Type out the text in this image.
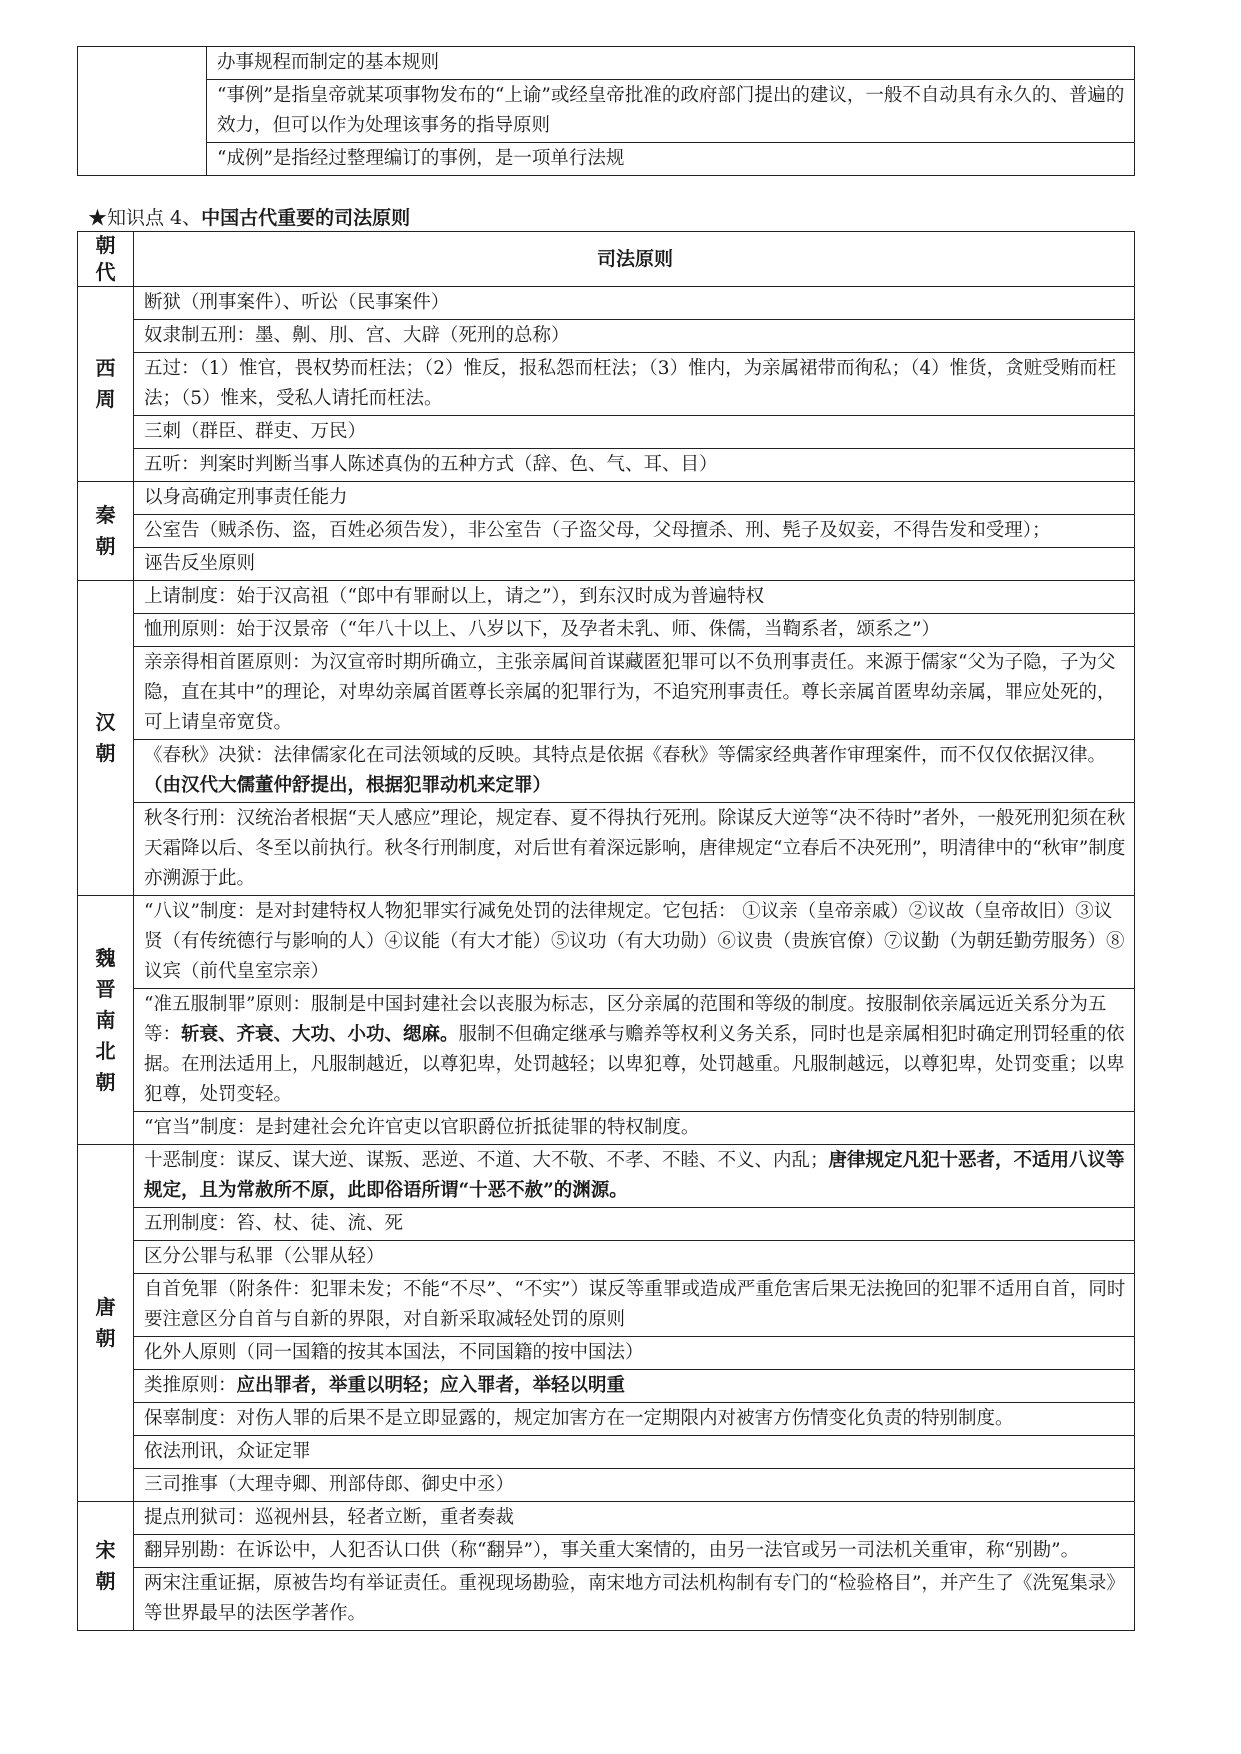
	办事规程而制定的基本规则
“事例”是指皇帝就某项事物发布的“上谕”或经皇帝批准的政府部门提出的建议，一般不自动具有永久的、普遍的效力，但可以作为处理该事务的指导原则
“成例”是指经过整理编订的事例，是一项单行法规
★知识点 4、中国古代重要的司法原则
朝代	司法原则

西周	断狱（刑事案件）、听讼（民事案件）
	奴隶制五刑：墨、劓、刖、宫、大辟（死刑的总称）
	五过：（1）惟官，畏权势而枉法；（2）惟反，报私怨而枉法；（3）惟内，为亲属裙带而徇私；（4）惟货，贪赃受贿而枉法；（5）惟来，受私人请托而枉法。
	三刺（群臣、群吏、万民）
	五听：判案时判断当事人陈述真伪的五种方式（辞、色、气、耳、目）

秦朝	以身高确定刑事责任能力
	公室告（贼杀伤、盗，百姓必须告发），非公室告（子盗父母，父母擅杀、刑、髡子及奴妾，不得告发和受理）；
	诬告反坐原则

汉朝	上请制度：始于汉高祖（“郎中有罪耐以上，请之”），到东汉时成为普遍特权
	恤刑原则：始于汉景帝（“年八十以上、八岁以下，及孕者未乳、师、侏儒，当鞫系者，颂系之”）
	亲亲得相首匿原则：为汉宣帝时期所确立，主张亲属间首谋藏匿犯罪可以不负刑事责任。来源于儒家“父为子隐，子为父隐，直在其中”的理论，对卑幼亲属首匿尊长亲属的犯罪行为，不追究刑事责任。尊长亲属首匿卑幼亲属，罪应处死的，可上请皇帝宽贷。
	《春秋》决狱：法律儒家化在司法领域的反映。其特点是依据《春秋》等儒家经典著作审理案件，而不仅仅依据汉律。（由汉代大儒董仲舒提出，根据犯罪动机来定罪）
	秋冬行刑：汉统治者根据“天人感应”理论，规定春、夏不得执行死刑。除谋反大逆等“决不待时”者外，一般死刑犯须在秋天霜降以后、冬至以前执行。秋冬行刑制度，对后世有着深远影响，唐律规定“立春后不决死刑”，明清律中的“秋审”制度亦溯源于此。

魏晋南北朝	“八议”制度：是对封建特权人物犯罪实行减免处罚的法律规定。它包括： ①议亲（皇帝亲戚）②议故（皇帝故旧）③议贤（有传统德行与影响的人）④议能（有大才能）⑤议功（有大功勋）⑥议贵（贵族官僚）⑦议勤（为朝廷勤劳服务）⑧议宾（前代皇室宗亲）
	“准五服制罪”原则：服制是中国封建社会以丧服为标志，区分亲属的范围和等级的制度。按服制依亲属远近关系分为五等：斩衰、齐衰、大功、小功、缌麻。服制不但确定继承与赡养等权利义务关系，同时也是亲属相犯时确定刑罚轻重的依据。在刑法适用上，凡服制越近，以尊犯卑，处罚越轻；以卑犯尊，处罚越重。凡服制越远，以尊犯卑，处罚变重；以卑犯尊，处罚变轻。
	“官当”制度：是封建社会允许官吏以官职爵位折抵徒罪的特权制度。

唐朝	十恶制度：谋反、谋大逆、谋叛、恶逆、不道、大不敬、不孝、不睦、不义、内乱；唐律规定凡犯十恶者，不适用八议等规定，且为常赦所不原，此即俗语所谓“十恶不赦”的渊源。
	五刑制度：笞、杖、徒、流、死
	区分公罪与私罪（公罪从轻）
	自首免罪（附条件：犯罪未发；不能“不尽”、“不实”）谋反等重罪或造成严重危害后果无法挽回的犯罪不适用自首，同时要注意区分自首与自新的界限，对自新采取减轻处罚的原则
	化外人原则（同一国籍的按其本国法，不同国籍的按中国法）
	类推原则：应出罪者，举重以明轻；应入罪者，举轻以明重
	保辜制度：对伤人罪的后果不是立即显露的，规定加害方在一定期限内对被害方伤情变化负责的特别制度。
	依法刑讯，众证定罪
	三司推事（大理寺卿、刑部侍郎、御史中丞）

宋朝	提点刑狱司：巡视州县，轻者立断，重者奏裁
	翻异别勘：在诉讼中，人犯否认口供（称“翻异”），事关重大案情的，由另一法官或另一司法机关重审，称“别勘”。
	两宋注重证据，原被告均有举证责任。重视现场勘验，南宋地方司法机构制有专门的“检验格目”，并产生了《洗冤集录》等世界最早的法医学著作。
